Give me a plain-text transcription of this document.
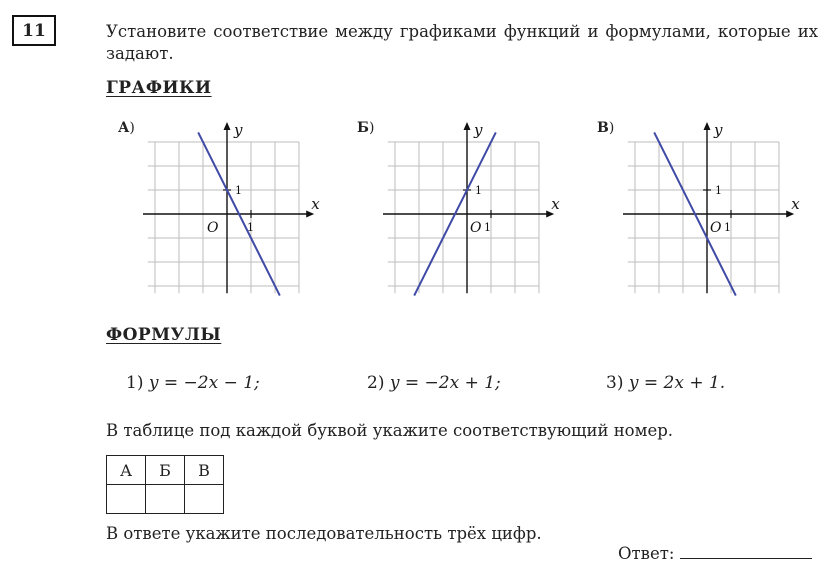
11	Установите соответствие между графиками функций и формулами, которые их задают.
ГРАФИКИ
А)	Б)	В)
y
x
1
O	1
y
x
1
O 1
y
x
1
O 1
ФОРМУЛЫ
1) y = −2x − 1;	2) y = −2x + 1;	3) y = 2x + 1.
В таблице под каждой буквой укажите соответствующий номер.
А	Б	В

В ответе укажите последовательность трёх цифр.
Ответ:
